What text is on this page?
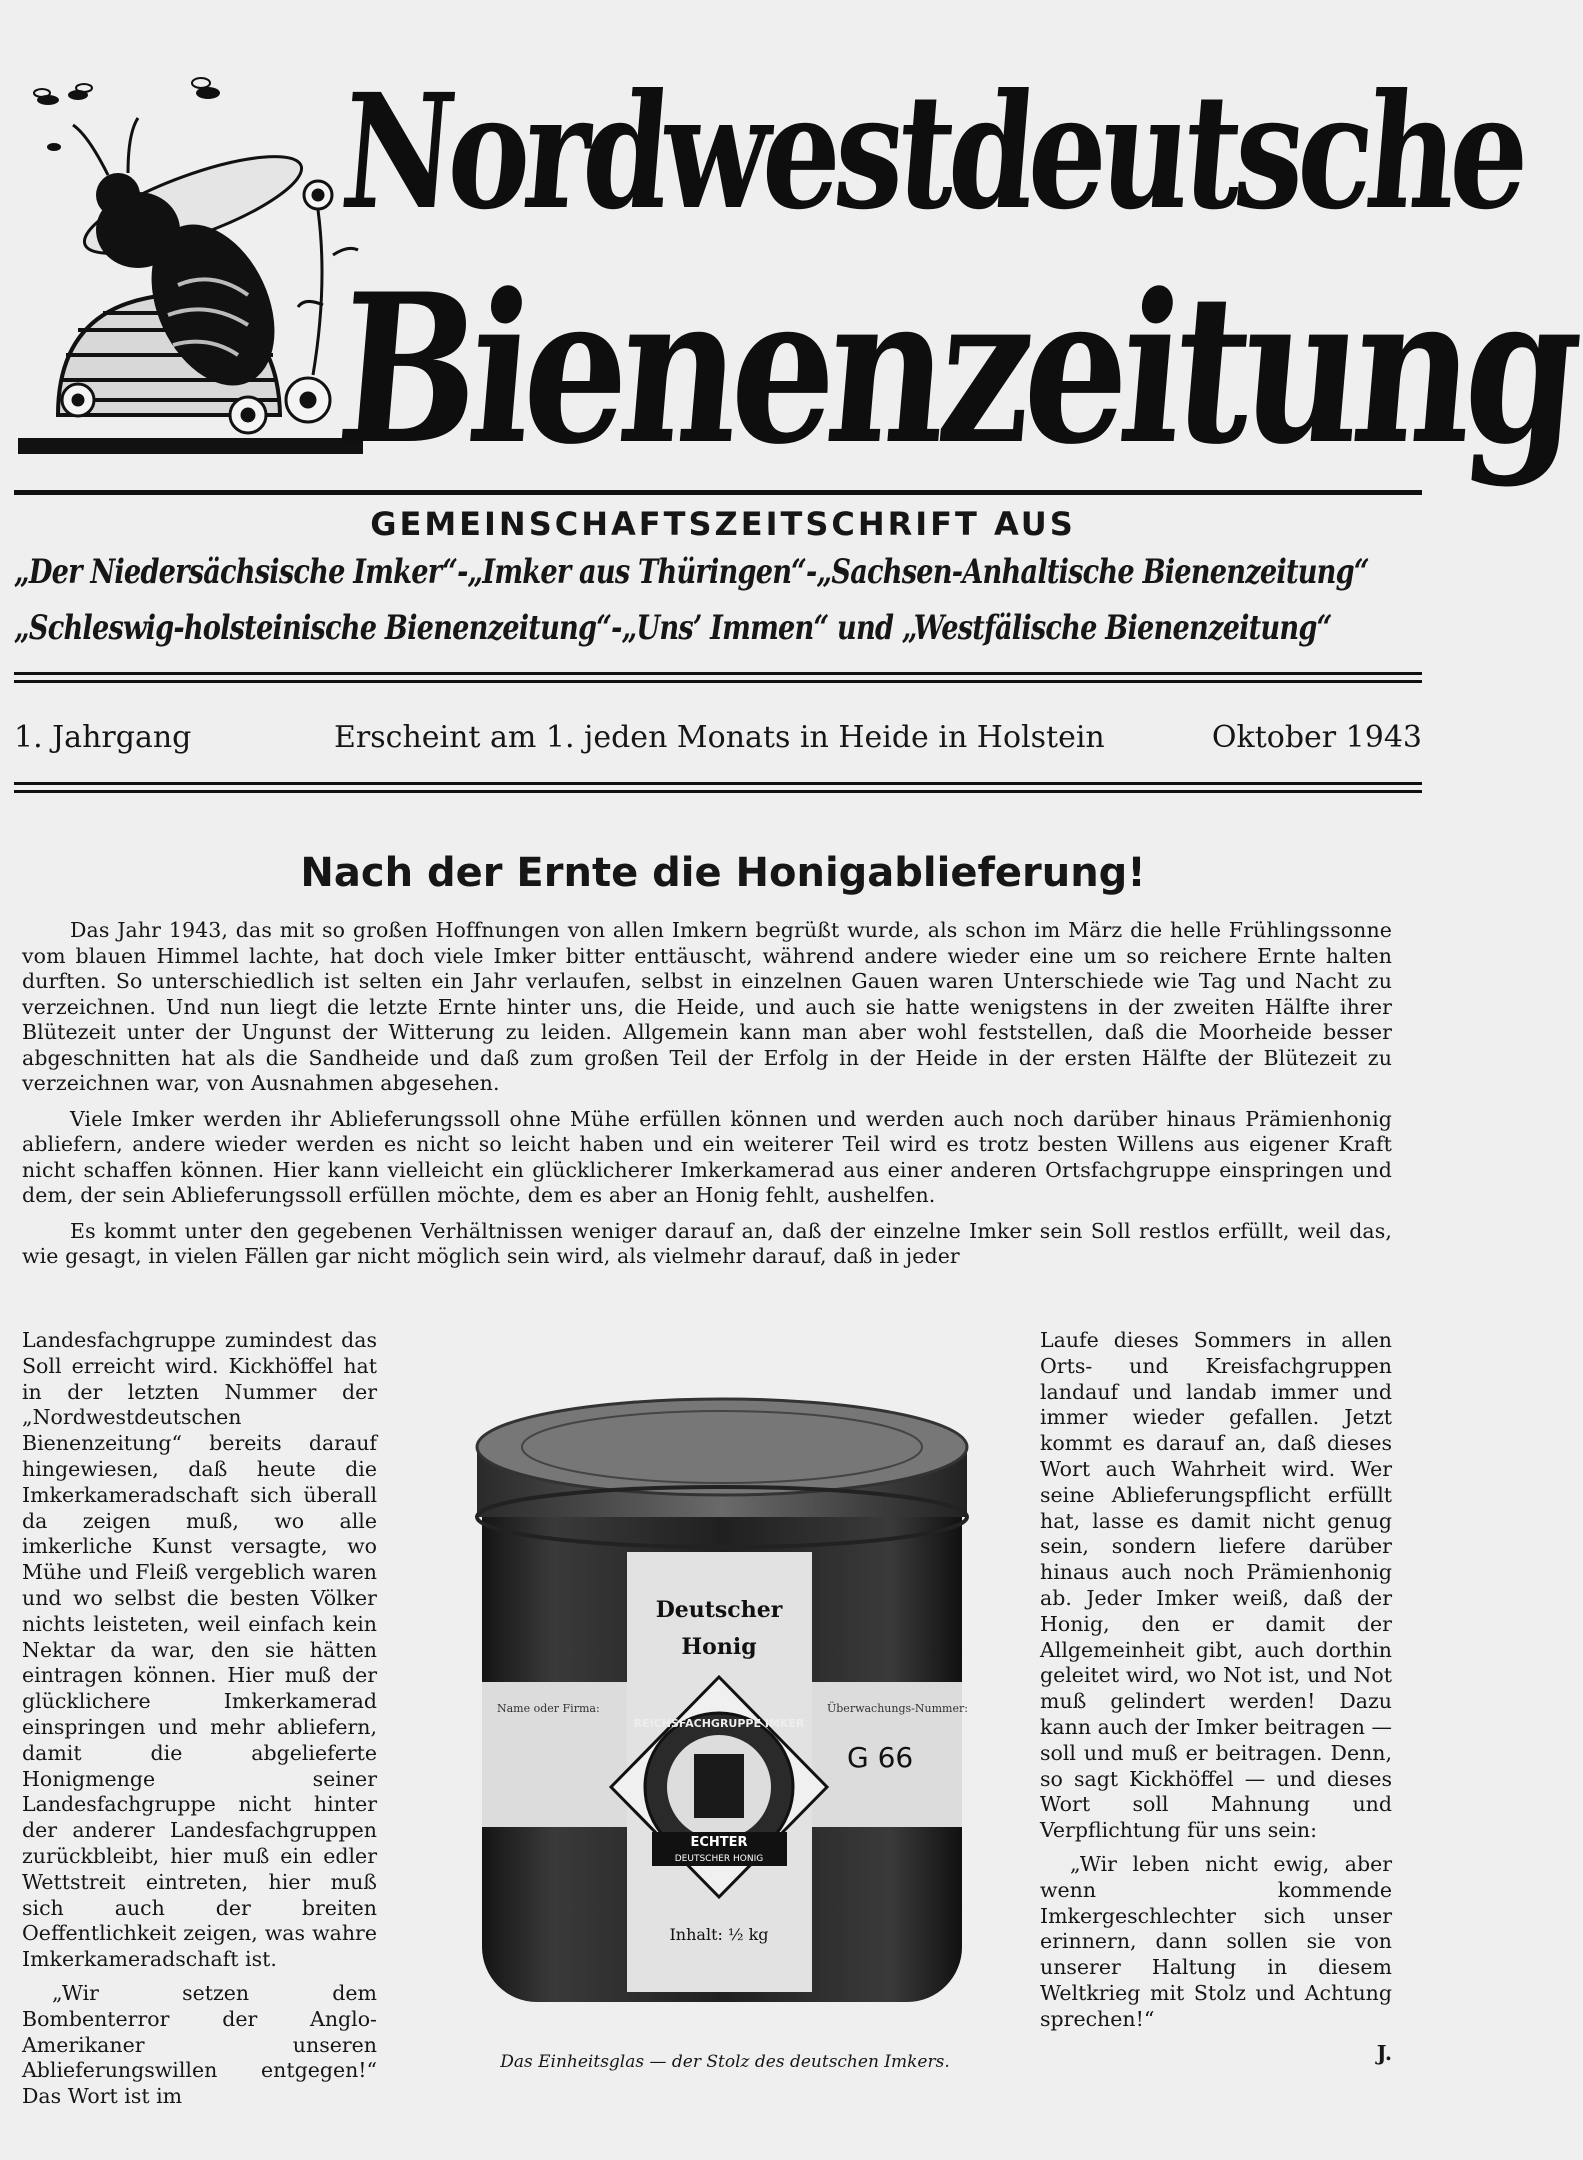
Nordwestdeutsche
Bienenzeitung
GEMEINSCHAFTSZEITSCHRIFT AUS
„Der Niedersächsische Imker“-„Imker aus Thüringen“-„Sachsen-Anhaltische Bienenzeitung“
„Schleswig-holsteinische Bienenzeitung“-„Uns’ Immen“ und „Westfälische Bienenzeitung“
1. Jahrgang	Erscheint am 1. jeden Monats in Heide in Holstein	Oktober 1943
Nach der Ernte die Honigablieferung!

Das Jahr 1943, das mit so großen Hoffnungen von allen Imkern begrüßt wurde, als schon im März die helle Frühlingssonne vom blauen Himmel lachte, hat doch viele Imker bitter enttäuscht, während andere wieder eine um so reichere Ernte halten durften. So unterschiedlich ist selten ein Jahr verlaufen, selbst in einzelnen Gauen waren Unterschiede wie Tag und Nacht zu verzeichnen. Und nun liegt die letzte Ernte hinter uns, die Heide, und auch sie hatte wenigstens in der zweiten Hälfte ihrer Blütezeit unter der Ungunst der Witterung zu leiden. Allgemein kann man aber wohl feststellen, daß die Moorheide besser abgeschnitten hat als die Sandheide und daß zum großen Teil der Erfolg in der Heide in der ersten Hälfte der Blütezeit zu verzeichnen war, von Ausnahmen abgesehen.

Viele Imker werden ihr Ablieferungssoll ohne Mühe erfüllen können und werden auch noch darüber hinaus Prämienhonig abliefern, andere wieder werden es nicht so leicht haben und ein weiterer Teil wird es trotz besten Willens aus eigener Kraft nicht schaffen können. Hier kann vielleicht ein glücklicherer Imkerkamerad aus einer anderen Ortsfachgruppe einspringen und dem, der sein Ablieferungssoll erfüllen möchte, dem es aber an Honig fehlt, aushelfen.

Es kommt unter den gegebenen Verhältnissen weniger darauf an, daß der einzelne Imker sein Soll restlos erfüllt, weil das, wie gesagt, in vielen Fällen gar nicht möglich sein wird, als vielmehr darauf, daß in jeder

Landesfachgruppe zumindest das Soll erreicht wird. Kickhöffel hat in der letzten Nummer der „Nordwestdeutschen Bienenzeitung“ bereits darauf hingewiesen, daß heute die Imkerkameradschaft sich überall da zeigen muß, wo alle imkerliche Kunst versagte, wo Mühe und Fleiß vergeblich waren und wo selbst die besten Völker nichts leisteten, weil einfach kein Nektar da war, den sie hätten eintragen können. Hier muß der glücklichere Imkerkamerad einspringen und mehr abliefern, damit die abgelieferte Honigmenge seiner Landesfachgruppe nicht hinter der anderer Landesfachgruppen zurückbleibt, hier muß ein edler Wettstreit eintreten, hier muß sich auch der breiten Oeffentlichkeit zeigen, was wahre Imkerkameradschaft ist.

„Wir setzen dem Bombenterror der Anglo-Amerikaner unseren Ablieferungswillen entgegen!“ Das Wort ist im

Laufe dieses Sommers in allen Orts- und Kreisfachgruppen landauf und landab immer und immer wieder gefallen. Jetzt kommt es darauf an, daß dieses Wort auch Wahrheit wird. Wer seine Ablieferungspflicht erfüllt hat, lasse es damit nicht genug sein, sondern liefere darüber hinaus auch noch Prämienhonig ab. Jeder Imker weiß, daß der Honig, den er damit der Allgemeinheit gibt, auch dorthin geleitet wird, wo Not ist, und Not muß gelindert werden! Dazu kann auch der Imker beitragen — soll und muß er beitragen. Denn, so sagt Kickhöffel — und dieses Wort soll Mahnung und Verpflichtung für uns sein:

„Wir leben nicht ewig, aber wenn kommende Imkergeschlechter sich unser erinnern, dann sollen sie von unserer Haltung in diesem Weltkrieg mit Stolz und Achtung sprechen!“

J.

Deutscher
Honig
REICHSFACHGRUPPE IMKER
ECHTER
DEUTSCHER HONIG
Inhalt: ½ kg
Name oder Firma:	Überwachungs-Nummer:
G 66
Das Einheitsglas — der Stolz des deutschen Imkers.
